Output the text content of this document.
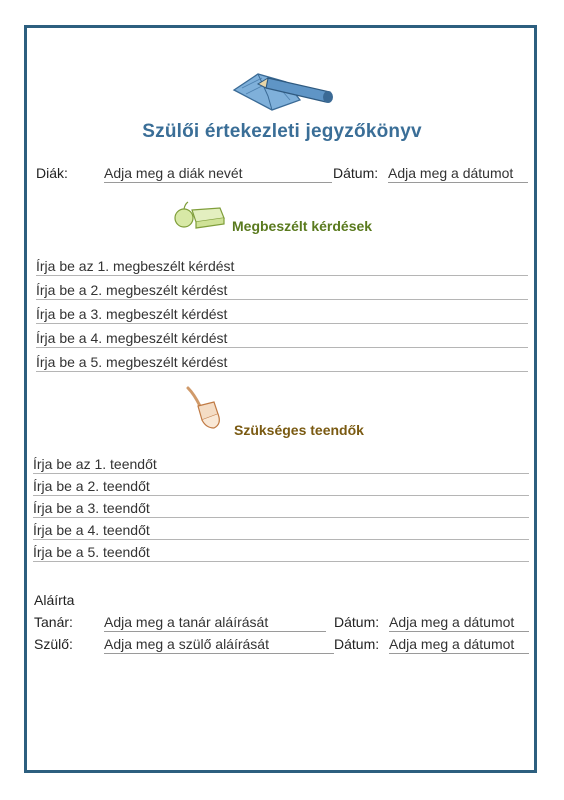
Szülői értekezleti jegyzőkönyv
Diák:	Adja meg a diák nevét	Dátum: Adja meg a dátumot
Megbeszélt kérdések
Írja be az 1. megbeszélt kérdést
Írja be a 2. megbeszélt kérdést
Írja be a 3. megbeszélt kérdést
Írja be a 4. megbeszélt kérdést
Írja be a 5. megbeszélt kérdést
Szükséges teendők
Írja be az 1. teendőt
Írja be a 2. teendőt
Írja be a 3. teendőt
Írja be a 4. teendőt
Írja be a 5. teendőt
Aláírta
Tanár: Adja meg a tanár aláírását	Dátum: Adja meg a dátumot
Szülő: Adja meg a szülő aláírását	Dátum: Adja meg a dátumot
